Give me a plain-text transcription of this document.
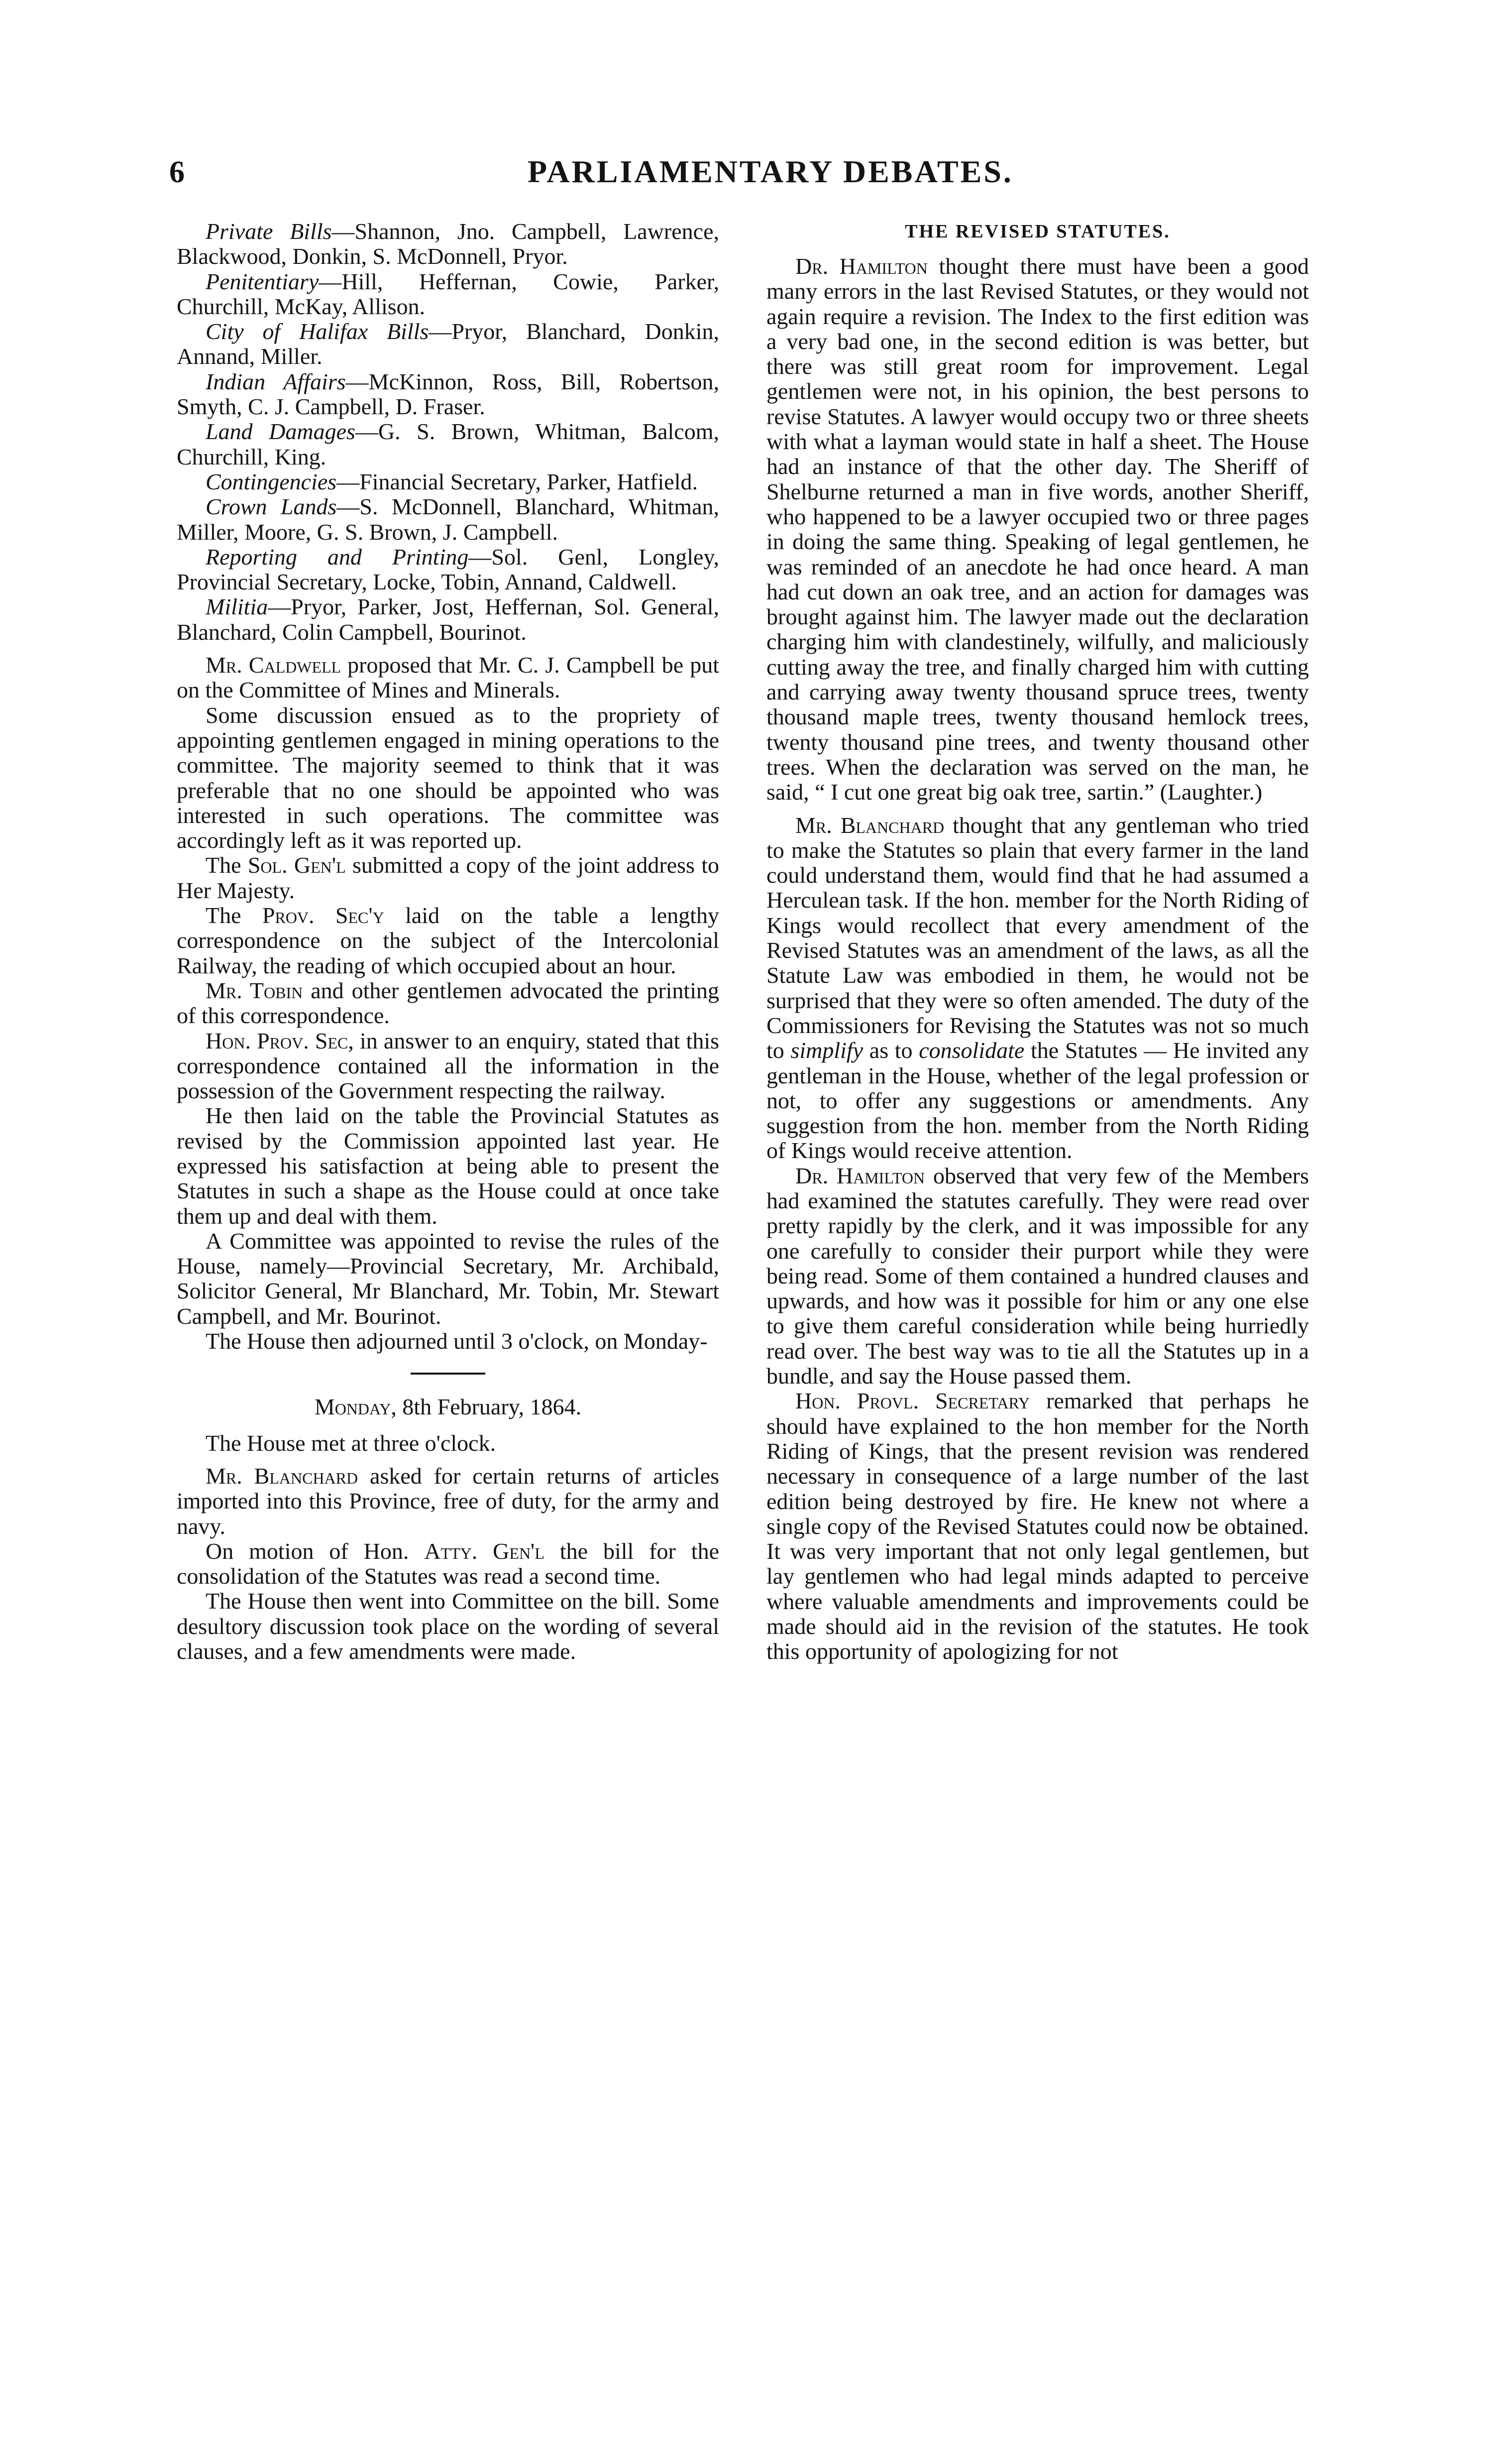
6	PARLIAMENTARY DEBATES.

Private Bills—Shannon, Jno. Campbell, Lawrence, Blackwood, Donkin, S. McDonnell, Pryor.

Penitentiary—Hill, Heffernan, Cowie, Parker, Churchill, McKay, Allison.

City of Halifax Bills—Pryor, Blanchard, Donkin, Annand, Miller.

Indian Affairs—McKinnon, Ross, Bill, Robertson, Smyth, C. J. Campbell, D. Fraser.

Land Damages—G. S. Brown, Whitman, Balcom, Churchill, King.

Contingencies—Financial Secretary, Parker, Hatfield.

Crown Lands—S. McDonnell, Blanchard, Whitman, Miller, Moore, G. S. Brown, J. Campbell.

Reporting and Printing—Sol. Genl, Longley, Provincial Secretary, Locke, Tobin, Annand, Caldwell.

Militia—Pryor, Parker, Jost, Heffernan, Sol. General, Blanchard, Colin Campbell, Bourinot.

Mr. Caldwell proposed that Mr. C. J. Campbell be put on the Committee of Mines and Minerals.

Some discussion ensued as to the propriety of appointing gentlemen engaged in mining operations to the committee. The majority seemed to think that it was preferable that no one should be appointed who was interested in such operations. The committee was accordingly left as it was reported up.

The Sol. Gen'l submitted a copy of the joint address to Her Majesty.

The Prov. Sec'y laid on the table a lengthy correspondence on the subject of the Intercolonial Railway, the reading of which occupied about an hour.

Mr. Tobin and other gentlemen advocated the printing of this correspondence.

Hon. Prov. Sec, in answer to an enquiry, stated that this correspondence contained all the information in the possession of the Government respecting the railway.

He then laid on the table the Provincial Statutes as revised by the Commission appointed last year. He expressed his satisfaction at being able to present the Statutes in such a shape as the House could at once take them up and deal with them.

A Committee was appointed to revise the rules of the House, namely—Provincial Secretary, Mr. Archibald, Solicitor General, Mr Blanchard, Mr. Tobin, Mr. Stewart Campbell, and Mr. Bourinot.

The House then adjourned until 3 o'clock, on Monday-

Monday, 8th February, 1864.

The House met at three o'clock.

Mr. Blanchard asked for certain returns of articles imported into this Province, free of duty, for the army and navy.

On motion of Hon. Atty. Gen'l the bill for the consolidation of the Statutes was read a second time.

The House then went into Committee on the bill. Some desultory discussion took place on the wording of several clauses, and a few amendments were made.

THE REVISED STATUTES.

Dr. Hamilton thought there must have been a good many errors in the last Revised Statutes, or they would not again require a revision. The Index to the first edition was a very bad one, in the second edition is was better, but there was still great room for improvement. Legal gentlemen were not, in his opinion, the best persons to revise Statutes. A lawyer would occupy two or three sheets with what a layman would state in half a sheet. The House had an instance of that the other day. The Sheriff of Shelburne returned a man in five words, another Sheriff, who happened to be a lawyer occupied two or three pages in doing the same thing. Speaking of legal gentlemen, he was reminded of an anecdote he had once heard. A man had cut down an oak tree, and an action for damages was brought against him. The lawyer made out the declaration charging him with clandestinely, wilfully, and maliciously cutting away the tree, and finally charged him with cutting and carrying away twenty thousand spruce trees, twenty thousand maple trees, twenty thousand hemlock trees, twenty thousand pine trees, and twenty thousand other trees. When the declaration was served on the man, he said, “ I cut one great big oak tree, sartin.” (Laughter.)

Mr. Blanchard thought that any gentleman who tried to make the Statutes so plain that every farmer in the land could understand them, would find that he had assumed a Herculean task. If the hon. member for the North Riding of Kings would recollect that every amendment of the Revised Statutes was an amendment of the laws, as all the Statute Law was embodied in them, he would not be surprised that they were so often amended. The duty of the Commissioners for Revising the Statutes was not so much to simplify as to consolidate the Statutes — He invited any gentleman in the House, whether of the legal profession or not, to offer any suggestions or amendments. Any suggestion from the hon. member from the North Riding of Kings would receive attention.

Dr. Hamilton observed that very few of the Members had examined the statutes carefully. They were read over pretty rapidly by the clerk, and it was impossible for any one carefully to consider their purport while they were being read. Some of them contained a hundred clauses and upwards, and how was it possible for him or any one else to give them careful consideration while being hurriedly read over. The best way was to tie all the Statutes up in a bundle, and say the House passed them.

Hon. Provl. Secretary remarked that perhaps he should have explained to the hon member for the North Riding of Kings, that the present revision was rendered necessary in consequence of a large number of the last edition being destroyed by fire. He knew not where a single copy of the Revised Statutes could now be obtained. It was very important that not only legal gentlemen, but lay gentlemen who had legal minds adapted to perceive where valuable amendments and improvements could be made should aid in the revision of the statutes. He took this opportunity of apologizing for not
